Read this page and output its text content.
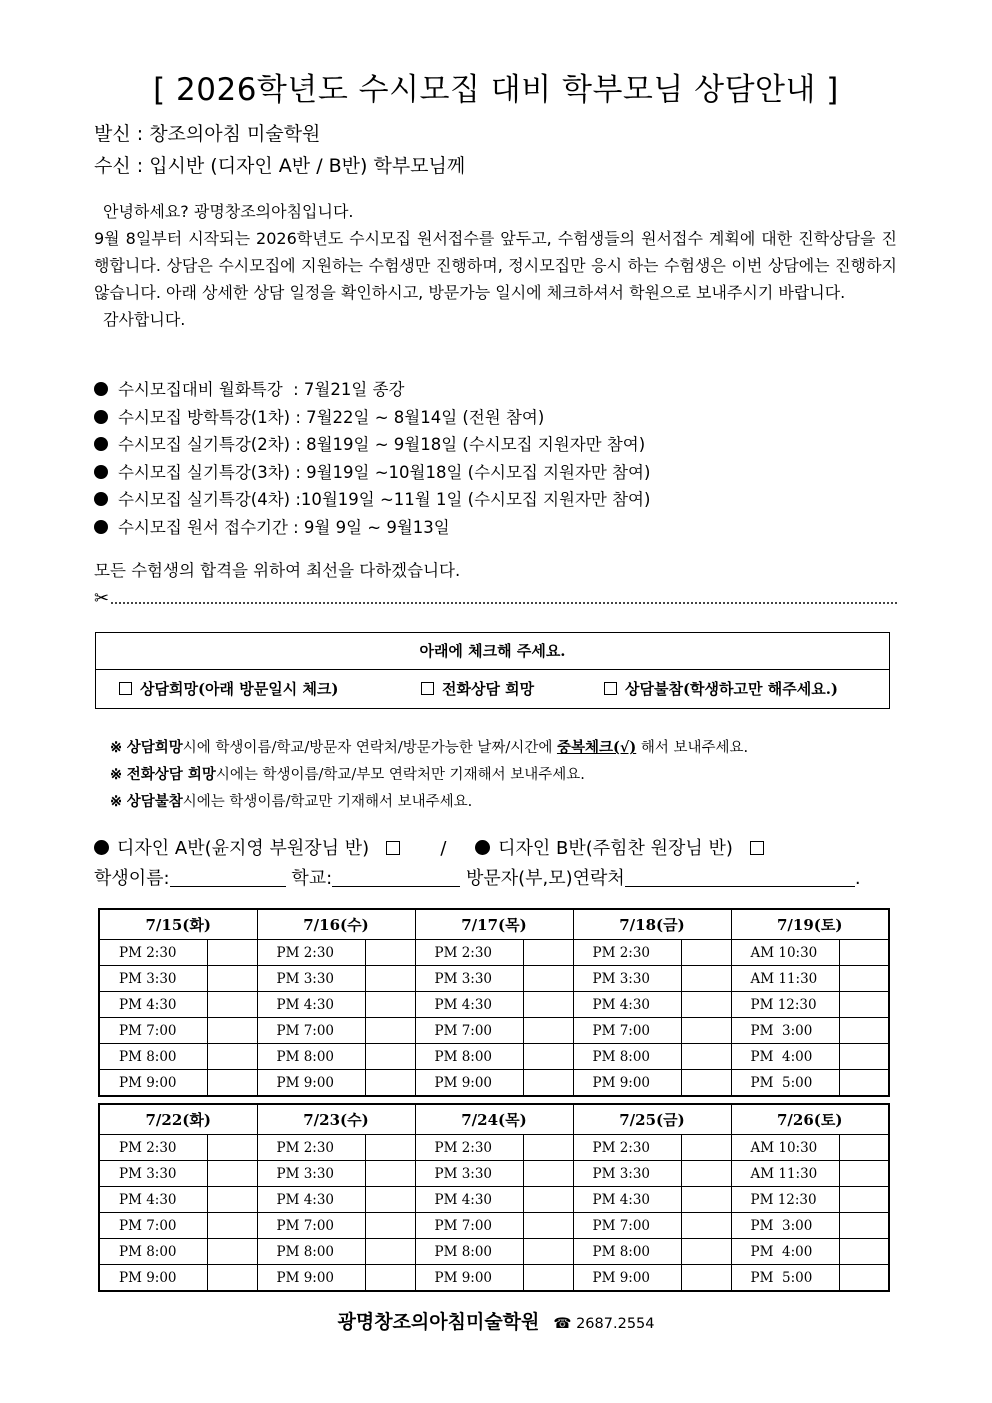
[ 2026학년도 수시모집 대비 학부모님 상담안내 ]
발신 : 창조의아침 미술학원
수신 : 입시반 (디자인 A반 / B반) 학부모님께

안녕하세요? 광명창조의아침입니다.

9월 8일부터 시작되는 2026학년도 수시모집 원서접수를 앞두고, 수험생들의 원서접수 계획에 대한 진학상담을 진행합니다. 상담은 수시모집에 지원하는 수험생만 진행하며, 정시모집만 응시 하는 수험생은 이번 상담에는 진행하지 않습니다. 아래 상세한 상담 일정을 확인하시고, 방문가능 일시에 체크하셔서 학원으로 보내주시기 바랍니다.

감사합니다.

수시모집대비 월화특강  : 7월21일 종강
수시모집 방학특강(1차) : 7월22일 ~ 8월14일 (전원 참여)
수시모집 실기특강(2차) : 8월19일 ~ 9월18일 (수시모집 지원자만 참여)
수시모집 실기특강(3차) : 9월19일 ~10월18일 (수시모집 지원자만 참여)
수시모집 실기특강(4차) :10월19일 ~11월 1일 (수시모집 지원자만 참여)
수시모집 원서 접수기간 : 9월 9일 ~ 9월13일
모든 수험생의 합격을 위하여 최선을 다하겠습니다.
✂
아래에 체크해 주세요.
상담희망(아래 방문일시 체크)	전화상담 희망	상담불참(학생하고만 해주세요.)
※ 상담희망시에 학생이름/학교/방문자 연락처/방문가능한 날짜/시간에 중복체크(√) 해서 보내주세요.
※ 전화상담 희망시에는 학생이름/학교/부모 연락처만 기재해서 보내주세요.
※ 상담불참시에는 학생이름/학교만 기재해서 보내주세요.
디자인 A반(윤지영 부원장님 반)	/	디자인 B반(주힘찬 원장님 반)
학생이름:	학교:	방문자(부,모)연락처	.
7/15(화)		7/16(수)		7/17(목)		7/18(금)		7/19(토)	
PM 2:30		PM 2:30		PM 2:30		PM 2:30		AM 10:30	
PM 3:30		PM 3:30		PM 3:30		PM 3:30		AM 11:30	
PM 4:30		PM 4:30		PM 4:30		PM 4:30		PM 12:30	
PM 7:00		PM 7:00		PM 7:00		PM 7:00		PM  3:00	
PM 8:00		PM 8:00		PM 8:00		PM 8:00		PM  4:00	
PM 9:00		PM 9:00		PM 9:00		PM 9:00		PM  5:00	
7/22(화)		7/23(수)		7/24(목)		7/25(금)		7/26(토)	
PM 2:30		PM 2:30		PM 2:30		PM 2:30		AM 10:30	
PM 3:30		PM 3:30		PM 3:30		PM 3:30		AM 11:30	
PM 4:30		PM 4:30		PM 4:30		PM 4:30		PM 12:30	
PM 7:00		PM 7:00		PM 7:00		PM 7:00		PM  3:00	
PM 8:00		PM 8:00		PM 8:00		PM 8:00		PM  4:00	
PM 9:00		PM 9:00		PM 9:00		PM 9:00		PM  5:00	
광명창조의아침미술학원 ☎ 2687.2554
